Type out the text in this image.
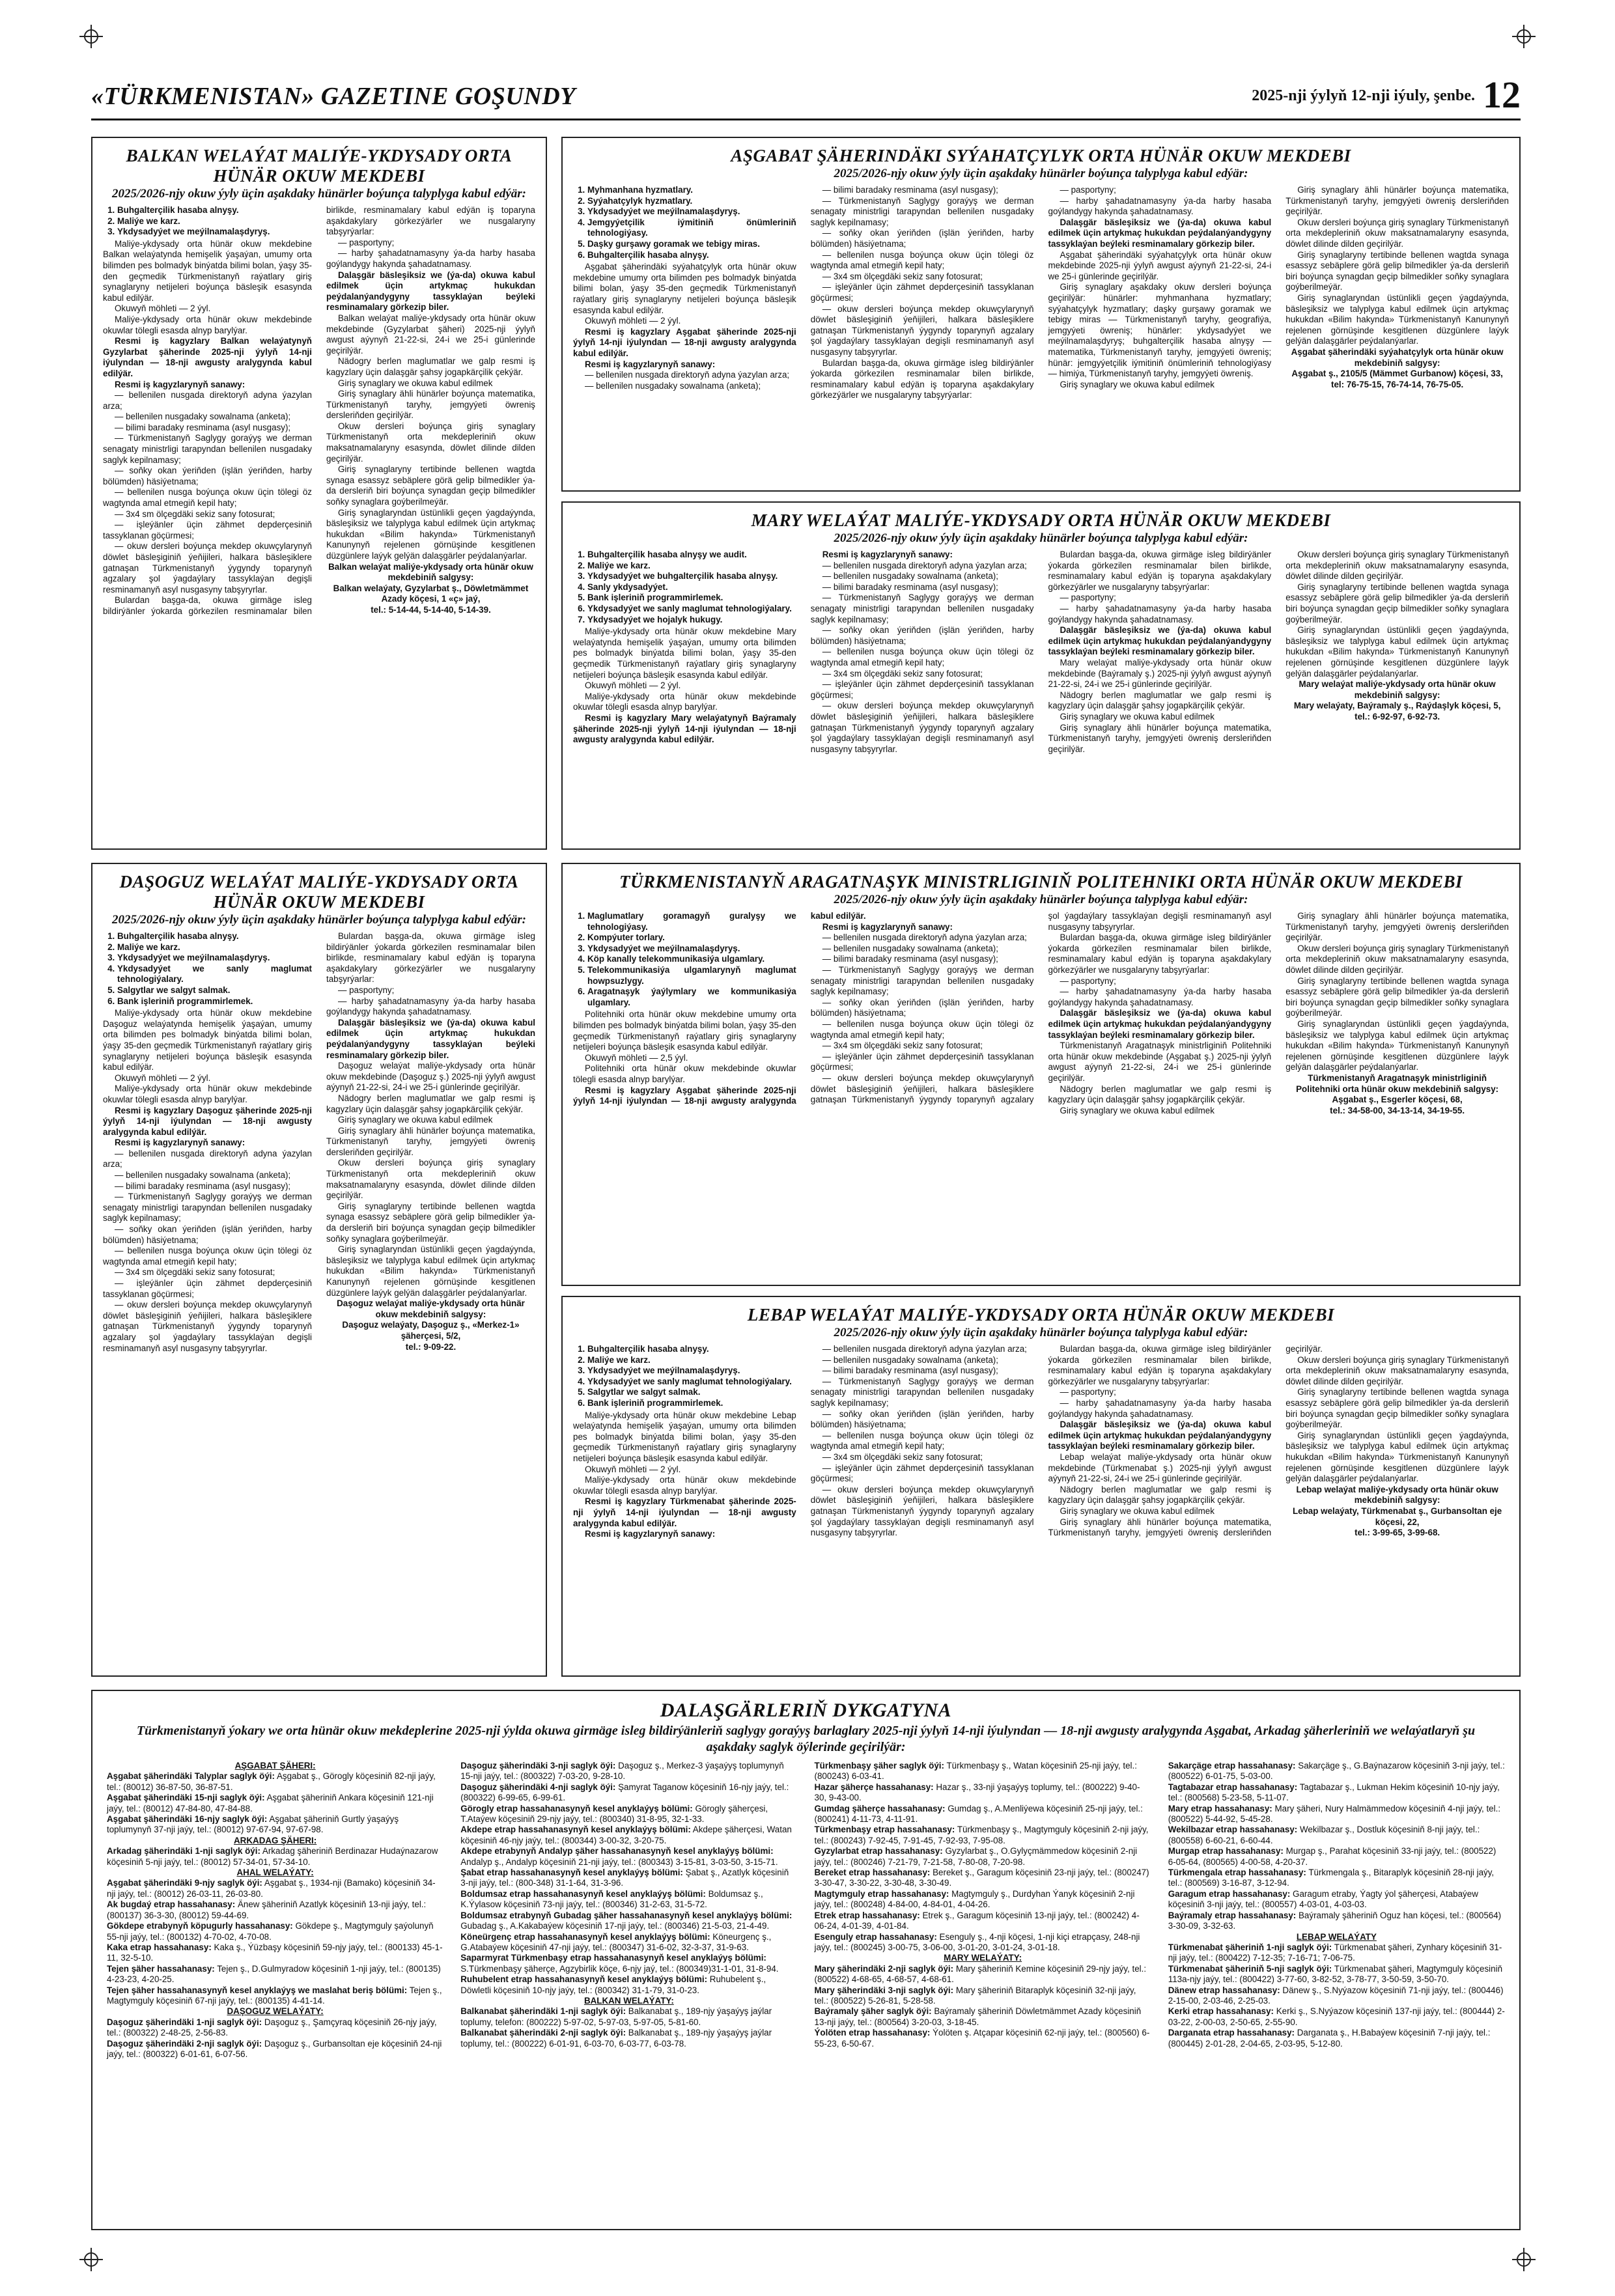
«TÜRKMENISTAN» GAZETINE GOŞUNDY	2025-nji ýylyň 12-nji iýuly, şenbe. 12
BALKAN WELAÝAT MALIÝE-YKDYSADY ORTA HÜNÄR OKUW MEKDEBI
2025/2026-njy okuw ýyly üçin aşakdaky hünärler boýunça talyplyga kabul edýär:
1. Buhgalterçilik hasaba alnyşy.
2. Maliýe we karz.
3. Ykdysadyýet we meýilnamalaşdyryş.

Maliýe-ykdysady orta hünär okuw mekdebine Balkan welaýatynda hemişelik ýaşaýan, umumy orta bilimden pes bolmadyk binýatda bilimi bolan, ýaşy 35-den geçmedik Türkmenistanyň raýatlary giriş synaglaryny netijeleri boýunça bäsleşik esasynda kabul edilýär.

Okuwyň möhleti — 2 ýyl.

Maliýe-ykdysady orta hünär okuw mekdebinde okuwlar tölegli esasda alnyp barylýar.

Resmi iş kagyzlary Balkan welaýatynyň Gyzylarbat şäherinde 2025-nji ýylyň 14-nji iýulyndan — 18-nji awgusty aralygynda kabul edilýär.

Resmi iş kagyzlarynyň sanawy:

— bellenilen nusgada direktoryň adyna ýazylan arza;

— bellenilen nusgadaky sowalnama (anketa);

— bilimi baradaky resminama (asyl nusgasy);

— Türkmenistanyň Saglygy goraýyş we derman senagaty ministrligi tarapyndan bellenilen nusgadaky saglyk kepilnamasy;

— soňky okan ýeriňden (işlän ýeriňden, harby bölümden) häsiýetnama;

— bellenilen nusga boýunça okuw üçin tölegi öz wagtynda amal etmegiň kepil haty;

— 3x4 sm ölçegdäki sekiz sany fotosurat;

— işleýänler üçin zähmet depderçesiniň tassyklanan göçürmesi;

— okuw dersleri boýunça mekdep okuwçylarynyň döwlet bäsleşiginiň ýeňijileri, halkara bäsleşiklere gatnaşan Türkmenistanyň ýygyndy toparynyň agzalary şol ýagdaýlary tassyklaýan degişli resminamanyň asyl nusgasyny tabşyryrlar.

Bulardan başga-da, okuwa girmäge isleg bildirýänler ýokarda görkezilen resminamalar bilen birlikde, resminamalary kabul edýän iş toparyna aşakdakylary görkezýärler we nusgalaryny tabşyrýarlar:

— pasportyny;

— harby şahadatnamasyny ýa-da harby hasaba goýlandygy hakynda şahadatnamasy.

Dalaşgär bäsleşiksiz we (ýa-da) okuwa kabul edilmek üçin artykmaç hukukdan peýdalanýandygyny tassyklaýan beýleki resminamalary görkezip biler.

Balkan welaýat maliýe-ykdysady orta hünär okuw mekdebinde (Gyzylarbat şäheri) 2025-nji ýylyň awgust aýynyň 21-22-si, 24-i we 25-i günlerinde geçirilýär.

Nädogry berlen maglumatlar we galp resmi iş kagyzlary üçin dalaşgär şahsy jogapkärçilik çekýär.

Giriş synaglary we okuwa kabul edilmek

Giriş synaglary ähli hünärler boýunça matematika, Türkmenistanyň taryhy, jemgyýeti öwreniş dersleriňden geçirilýär.

Okuw dersleri boýunça giriş synaglary Türkmenistanyň orta mekdepleriniň okuw maksatnamalaryny esasynda, döwlet dilinde dilden geçirilýär.

Giriş synaglaryny tertibinde bellenen wagtda synaga esassyz sebäplere görä gelip bilmedikler ýa-da dersleriň biri boýunça synagdan geçip bilmedikler soňky synaglara goýberilmeýär.

Giriş synaglaryndan üstünlikli geçen ýagdaýynda, bäsleşiksiz we talyplyga kabul edilmek üçin artykmaç hukukdan «Bilim hakynda» Türkmenistanyň Kanunynyň rejelenen görnüşinde kesgitlenen düzgünlere laýyk gelýän dalaşgärler peýdalanýarlar.

Balkan welaýat maliýe-ykdysady orta hünär okuw mekdebiniň salgysy:

Balkan welaýaty, Gyzylarbat ş., Döwletmämmet Azady köçesi, 1 «ç» jaý,

tel.: 5-14-44, 5-14-40, 5-14-39.

AŞGABAT ŞÄHERINDÄKI SYÝAHATÇYLYK ORTA HÜNÄR OKUW MEKDEBI
2025/2026-njy okuw ýyly üçin aşakdaky hünärler boýunça talyplyga kabul edýär:
1. Myhmanhana hyzmatlary.
2. Syýahatçylyk hyzmatlary.
3. Ykdysadyýet we meýilnamalaşdyryş.
4. Jemgyýetçilik iýmitiniň önümleriniň tehnologiýasy.
5. Daşky gurşawy goramak we tebigy miras.
6. Buhgalterçilik hasaba alnyşy.

Aşgabat şäherindäki syýahatçylyk orta hünär okuw mekdebine umumy orta bilimden pes bolmadyk binýatda bilimi bolan, ýaşy 35-den geçmedik Türkmenistanyň raýatlary giriş synaglaryny netijeleri boýunça bäsleşik esasynda kabul edilýär.

Okuwyň möhleti — 2 ýyl.

Resmi iş kagyzlary Aşgabat şäherinde 2025-nji ýylyň 14-nji iýulyndan — 18-nji awgusty aralygynda kabul edilýär.

Resmi iş kagyzlarynyň sanawy:

— bellenilen nusgada direktoryň adyna ýazylan arza;

— bellenilen nusgadaky sowalnama (anketa);

— bilimi baradaky resminama (asyl nusgasy);

— Türkmenistanyň Saglygy goraýyş we derman senagaty ministrligi tarapyndan bellenilen nusgadaky saglyk kepilnamasy;

— soňky okan ýeriňden (işlän ýeriňden, harby bölümden) häsiýetnama;

— bellenilen nusga boýunça okuw üçin tölegi öz wagtynda amal etmegiň kepil haty;

— 3x4 sm ölçegdäki sekiz sany fotosurat;

— işleýänler üçin zähmet depderçesiniň tassyklanan göçürmesi;

— okuw dersleri boýunça mekdep okuwçylarynyň döwlet bäsleşiginiň ýeňijileri, halkara bäsleşiklere gatnaşan Türkmenistanyň ýygyndy toparynyň agzalary şol ýagdaýlary tassyklaýan degişli resminamanyň asyl nusgasyny tabşyryrlar.

Bulardan başga-da, okuwa girmäge isleg bildirýänler ýokarda görkezilen resminamalar bilen birlikde, resminamalary kabul edýän iş toparyna aşakdakylary görkezýärler we nusgalaryny tabşyrýarlar:

— pasportyny;

— harby şahadatnamasyny ýa-da harby hasaba goýlandygy hakynda şahadatnamasy.

Dalaşgär bäsleşiksiz we (ýa-da) okuwa kabul edilmek üçin artykmaç hukukdan peýdalanýandygyny tassyklaýan beýleki resminamalary görkezip biler.

Aşgabat şäherindäki syýahatçylyk orta hünär okuw mekdebinde 2025-nji ýylyň awgust aýynyň 21-22-si, 24-i we 25-i günlerinde geçirilýär.

Giriş synaglary aşakdaky okuw dersleri boýunça geçirilýär: hünärler: myhmanhana hyzmatlary; syýahatçylyk hyzmatlary; daşky gurşawy goramak we tebigy miras — Türkmenistanyň taryhy, geografiýa, jemgyýeti öwreniş; hünärler: ykdysadyýet we meýilnamalaşdyryş; buhgalterçilik hasaba alnyşy — matematika, Türkmenistanyň taryhy, jemgyýeti öwreniş; hünär: jemgyýetçilik iýmitiniň önümleriniň tehnologiýasy — himiýa, Türkmenistanyň taryhy, jemgyýeti öwreniş.

Giriş synaglary we okuwa kabul edilmek

Giriş synaglary ähli hünärler boýunça matematika, Türkmenistanyň taryhy, jemgyýeti öwreniş dersleriňden geçirilýär.

Okuw dersleri boýunça giriş synaglary Türkmenistanyň orta mekdepleriniň okuw maksatnamalaryny esasynda, döwlet dilinde dilden geçirilýär.

Giriş synaglaryny tertibinde bellenen wagtda synaga esassyz sebäplere görä gelip bilmedikler ýa-da dersleriň biri boýunça synagdan geçip bilmedikler soňky synaglara goýberilmeýär.

Giriş synaglaryndan üstünlikli geçen ýagdaýynda, bäsleşiksiz we talyplyga kabul edilmek üçin artykmaç hukukdan «Bilim hakynda» Türkmenistanyň Kanunynyň rejelenen görnüşinde kesgitlenen düzgünlere laýyk gelýän dalaşgärler peýdalanýarlar.

Aşgabat şäherindäki syýahatçylyk orta hünär okuw mekdebiniň salgysy:

Aşgabat ş., 2105/5 (Mämmet Gurbanow) köçesi, 33,

tel: 76-75-15, 76-74-14, 76-75-05.

MARY WELAÝAT MALIÝE-YKDYSADY ORTA HÜNÄR OKUW MEKDEBI
2025/2026-njy okuw ýyly üçin aşakdaky hünärler boýunça talyplyga kabul edýär:
1. Buhgalterçilik hasaba alnyşy we audit.
2. Maliýe we karz.
3. Ykdysadyýet we buhgalterçilik hasaba alnyşy.
4. Sanly ykdysadyýet.
5. Bank işleriniň programmirlemek.
6. Ykdysadyýet we sanly maglumat tehnologiýalary.
7. Ykdysadyýet we hojalyk hukugy.

Maliýe-ykdysady orta hünär okuw mekdebine Mary welaýatynda hemişelik ýaşaýan, umumy orta bilimden pes bolmadyk binýatda bilimi bolan, ýaşy 35-den geçmedik Türkmenistanyň raýatlary giriş synaglaryny netijeleri boýunça bäsleşik esasynda kabul edilýär.

Okuwyň möhleti — 2 ýyl.

Maliýe-ykdysady orta hünär okuw mekdebinde okuwlar tölegli esasda alnyp barylýar.

Resmi iş kagyzlary Mary welaýatynyň Baýramaly şäherinde 2025-nji ýylyň 14-nji iýulyndan — 18-nji awgusty aralygynda kabul edilýär.

Resmi iş kagyzlarynyň sanawy:

— bellenilen nusgada direktoryň adyna ýazylan arza;

— bellenilen nusgadaky sowalnama (anketa);

— bilimi baradaky resminama (asyl nusgasy);

— Türkmenistanyň Saglygy goraýyş we derman senagaty ministrligi tarapyndan bellenilen nusgadaky saglyk kepilnamasy;

— soňky okan ýeriňden (işlän ýeriňden, harby bölümden) häsiýetnama;

— bellenilen nusga boýunça okuw üçin tölegi öz wagtynda amal etmegiň kepil haty;

— 3x4 sm ölçegdäki sekiz sany fotosurat;

— işleýänler üçin zähmet depderçesiniň tassyklanan göçürmesi;

— okuw dersleri boýunça mekdep okuwçylarynyň döwlet bäsleşiginiň ýeňijileri, halkara bäsleşiklere gatnaşan Türkmenistanyň ýygyndy toparynyň agzalary şol ýagdaýlary tassyklaýan degişli resminamanyň asyl nusgasyny tabşyryrlar.

Bulardan başga-da, okuwa girmäge isleg bildirýänler ýokarda görkezilen resminamalar bilen birlikde, resminamalary kabul edýän iş toparyna aşakdakylary görkezýärler we nusgalaryny tabşyrýarlar:

— pasportyny;

— harby şahadatnamasyny ýa-da harby hasaba goýlandygy hakynda şahadatnamasy.

Dalaşgär bäsleşiksiz we (ýa-da) okuwa kabul edilmek üçin artykmaç hukukdan peýdalanýandygyny tassyklaýan beýleki resminamalary görkezip biler.

Mary welaýat maliýe-ykdysady orta hünär okuw mekdebinde (Baýramaly ş.) 2025-nji ýylyň awgust aýynyň 21-22-si, 24-i we 25-i günlerinde geçirilýär.

Nädogry berlen maglumatlar we galp resmi iş kagyzlary üçin dalaşgär şahsy jogapkärçilik çekýär.

Giriş synaglary we okuwa kabul edilmek

Giriş synaglary ähli hünärler boýunça matematika, Türkmenistanyň taryhy, jemgyýeti öwreniş dersleriňden geçirilýär.

Okuw dersleri boýunça giriş synaglary Türkmenistanyň orta mekdepleriniň okuw maksatnamalaryny esasynda, döwlet dilinde dilden geçirilýär.

Giriş synaglaryny tertibinde bellenen wagtda synaga esassyz sebäplere görä gelip bilmedikler ýa-da dersleriň biri boýunça synagdan geçip bilmedikler soňky synaglara goýberilmeýär.

Giriş synaglaryndan üstünlikli geçen ýagdaýynda, bäsleşiksiz we talyplyga kabul edilmek üçin artykmaç hukukdan «Bilim hakynda» Türkmenistanyň Kanunynyň rejelenen görnüşinde kesgitlenen düzgünlere laýyk gelýän dalaşgärler peýdalanýarlar.

Mary welaýat maliýe-ykdysady orta hünär okuw mekdebiniň salgysy:

Mary welaýaty, Baýramaly ş., Raýdaşlyk köçesi, 5,

tel.: 6-92-97, 6-92-73.

DAŞOGUZ WELAÝAT MALIÝE-YKDYSADY ORTA HÜNÄR OKUW MEKDEBI
2025/2026-njy okuw ýyly üçin aşakdaky hünärler boýunça talyplyga kabul edýär:
1. Buhgalterçilik hasaba alnyşy.
2. Maliýe we karz.
3. Ykdysadyýet we meýilnamalaşdyryş.
4. Ykdysadyýet we sanly maglumat tehnologiýalary.
5. Salgytlar we salgyt salmak.
6. Bank işleriniň programmirlemek.

Maliýe-ykdysady orta hünär okuw mekdebine Daşoguz welaýatynda hemişelik ýaşaýan, umumy orta bilimden pes bolmadyk binýatda bilimi bolan, ýaşy 35-den geçmedik Türkmenistanyň raýatlary giriş synaglaryny netijeleri boýunça bäsleşik esasynda kabul edilýär.

Okuwyň möhleti — 2 ýyl.

Maliýe-ykdysady orta hünär okuw mekdebinde okuwlar tölegli esasda alnyp barylýar.

Resmi iş kagyzlary Daşoguz şäherinde 2025-nji ýylyň 14-nji iýulyndan — 18-nji awgusty aralygynda kabul edilýär.

Resmi iş kagyzlarynyň sanawy:

— bellenilen nusgada direktoryň adyna ýazylan arza;

— bellenilen nusgadaky sowalnama (anketa);

— bilimi baradaky resminama (asyl nusgasy);

— Türkmenistanyň Saglygy goraýyş we derman senagaty ministrligi tarapyndan bellenilen nusgadaky saglyk kepilnamasy;

— soňky okan ýeriňden (işlän ýeriňden, harby bölümden) häsiýetnama;

— bellenilen nusga boýunça okuw üçin tölegi öz wagtynda amal etmegiň kepil haty;

— 3x4 sm ölçegdäki sekiz sany fotosurat;

— işleýänler üçin zähmet depderçesiniň tassyklanan göçürmesi;

— okuw dersleri boýunça mekdep okuwçylarynyň döwlet bäsleşiginiň ýeňijileri, halkara bäsleşiklere gatnaşan Türkmenistanyň ýygyndy toparynyň agzalary şol ýagdaýlary tassyklaýan degişli resminamanyň asyl nusgasyny tabşyryrlar.

Bulardan başga-da, okuwa girmäge isleg bildirýänler ýokarda görkezilen resminamalar bilen birlikde, resminamalary kabul edýän iş toparyna aşakdakylary görkezýärler we nusgalaryny tabşyrýarlar:

— pasportyny;

— harby şahadatnamasyny ýa-da harby hasaba goýlandygy hakynda şahadatnamasy.

Dalaşgär bäsleşiksiz we (ýa-da) okuwa kabul edilmek üçin artykmaç hukukdan peýdalanýandygyny tassyklaýan beýleki resminamalary görkezip biler.

Daşoguz welaýat maliýe-ykdysady orta hünär okuw mekdebinde (Daşoguz ş.) 2025-nji ýylyň awgust aýynyň 21-22-si, 24-i we 25-i günlerinde geçirilýär.

Nädogry berlen maglumatlar we galp resmi iş kagyzlary üçin dalaşgär şahsy jogapkärçilik çekýär.

Giriş synaglary we okuwa kabul edilmek

Giriş synaglary ähli hünärler boýunça matematika, Türkmenistanyň taryhy, jemgyýeti öwreniş dersleriňden geçirilýär.

Okuw dersleri boýunça giriş synaglary Türkmenistanyň orta mekdepleriniň okuw maksatnamalaryny esasynda, döwlet dilinde dilden geçirilýär.

Giriş synaglaryny tertibinde bellenen wagtda synaga esassyz sebäplere görä gelip bilmedikler ýa-da dersleriň biri boýunça synagdan geçip bilmedikler soňky synaglara goýberilmeýär.

Giriş synaglaryndan üstünlikli geçen ýagdaýynda, bäsleşiksiz we talyplyga kabul edilmek üçin artykmaç hukukdan «Bilim hakynda» Türkmenistanyň Kanunynyň rejelenen görnüşinde kesgitlenen düzgünlere laýyk gelýän dalaşgärler peýdalanýarlar.

Daşoguz welaýat maliýe-ykdysady orta hünär okuw mekdebiniň salgysy:

Daşoguz welaýaty, Daşoguz ş., «Merkez-1» şäherçesi, 5/2,

tel.: 9-09-22.

TÜRKMENISTANYŇ ARAGATNAŞYK MINISTRLIGINIŇ POLITEHNIKI ORTA HÜNÄR OKUW MEKDEBI
2025/2026-njy okuw ýyly üçin aşakdaky hünärler boýunça talyplyga kabul edýär:
1. Maglumatlary goramagyň guralyşy we tehnologiýasy.
2. Kompýuter torlary.
3. Ykdysadyýet we meýilnamalaşdyryş.
4. Köp kanally telekommunikasiýa ulgamlary.
5. Telekommunikasiýa ulgamlarynyň maglumat howpsuzlygy.
6. Aragatnaşyk ýaýlymlary we kommunikasiýa ulgamlary.

Politehniki orta hünär okuw mekdebine umumy orta bilimden pes bolmadyk binýatda bilimi bolan, ýaşy 35-den geçmedik Türkmenistanyň raýatlary giriş synaglaryny netijeleri boýunça bäsleşik esasynda kabul edilýär.

Okuwyň möhleti — 2,5 ýyl.

Politehniki orta hünär okuw mekdebinde okuwlar tölegli esasda alnyp barylýar.

Resmi iş kagyzlary Aşgabat şäherinde 2025-nji ýylyň 14-nji iýulyndan — 18-nji awgusty aralygynda kabul edilýär.

Resmi iş kagyzlarynyň sanawy:

— bellenilen nusgada direktoryň adyna ýazylan arza;

— bellenilen nusgadaky sowalnama (anketa);

— bilimi baradaky resminama (asyl nusgasy);

— Türkmenistanyň Saglygy goraýyş we derman senagaty ministrligi tarapyndan bellenilen nusgadaky saglyk kepilnamasy;

— soňky okan ýeriňden (işlän ýeriňden, harby bölümden) häsiýetnama;

— bellenilen nusga boýunça okuw üçin tölegi öz wagtynda amal etmegiň kepil haty;

— 3x4 sm ölçegdäki sekiz sany fotosurat;

— işleýänler üçin zähmet depderçesiniň tassyklanan göçürmesi;

— okuw dersleri boýunça mekdep okuwçylarynyň döwlet bäsleşiginiň ýeňijileri, halkara bäsleşiklere gatnaşan Türkmenistanyň ýygyndy toparynyň agzalary şol ýagdaýlary tassyklaýan degişli resminamanyň asyl nusgasyny tabşyryrlar.

Bulardan başga-da, okuwa girmäge isleg bildirýänler ýokarda görkezilen resminamalar bilen birlikde, resminamalary kabul edýän iş toparyna aşakdakylary görkezýärler we nusgalaryny tabşyrýarlar:

— pasportyny;

— harby şahadatnamasyny ýa-da harby hasaba goýlandygy hakynda şahadatnamasy.

Dalaşgär bäsleşiksiz we (ýa-da) okuwa kabul edilmek üçin artykmaç hukukdan peýdalanýandygyny tassyklaýan beýleki resminamalary görkezip biler.

Türkmenistanyň Aragatnaşyk ministrliginiň Politehniki orta hünär okuw mekdebinde (Aşgabat ş.) 2025-nji ýylyň awgust aýynyň 21-22-si, 24-i we 25-i günlerinde geçirilýär.

Nädogry berlen maglumatlar we galp resmi iş kagyzlary üçin dalaşgär şahsy jogapkärçilik çekýär.

Giriş synaglary we okuwa kabul edilmek

Giriş synaglary ähli hünärler boýunça matematika, Türkmenistanyň taryhy, jemgyýeti öwreniş dersleriňden geçirilýär.

Okuw dersleri boýunça giriş synaglary Türkmenistanyň orta mekdepleriniň okuw maksatnamalaryny esasynda, döwlet dilinde dilden geçirilýär.

Giriş synaglaryny tertibinde bellenen wagtda synaga esassyz sebäplere görä gelip bilmedikler ýa-da dersleriň biri boýunça synagdan geçip bilmedikler soňky synaglara goýberilmeýär.

Giriş synaglaryndan üstünlikli geçen ýagdaýynda, bäsleşiksiz we talyplyga kabul edilmek üçin artykmaç hukukdan «Bilim hakynda» Türkmenistanyň Kanunynyň rejelenen görnüşinde kesgitlenen düzgünlere laýyk gelýän dalaşgärler peýdalanýarlar.

Türkmenistanyň Aragatnaşyk ministrliginiň Politehniki orta hünär okuw mekdebiniň salgysy:

Aşgabat ş., Esgerler köçesi, 68,

tel.: 34-58-00, 34-13-14, 34-19-55.

LEBAP WELAÝAT MALIÝE-YKDYSADY ORTA HÜNÄR OKUW MEKDEBI
2025/2026-njy okuw ýyly üçin aşakdaky hünärler boýunça talyplyga kabul edýär:
1. Buhgalterçilik hasaba alnyşy.
2. Maliýe we karz.
3. Ykdysadyýet we meýilnamalaşdyryş.
4. Ykdysadyýet we sanly maglumat tehnologiýalary.
5. Salgytlar we salgyt salmak.
6. Bank işleriniň programmirlemek.

Maliýe-ykdysady orta hünär okuw mekdebine Lebap welaýatynda hemişelik ýaşaýan, umumy orta bilimden pes bolmadyk binýatda bilimi bolan, ýaşy 35-den geçmedik Türkmenistanyň raýatlary giriş synaglaryny netijeleri boýunça bäsleşik esasynda kabul edilýär.

Okuwyň möhleti — 2 ýyl.

Maliýe-ykdysady orta hünär okuw mekdebinde okuwlar tölegli esasda alnyp barylýar.

Resmi iş kagyzlary Türkmenabat şäherinde 2025-nji ýylyň 14-nji iýulyndan — 18-nji awgusty aralygynda kabul edilýär.

Resmi iş kagyzlarynyň sanawy:

— bellenilen nusgada direktoryň adyna ýazylan arza;

— bellenilen nusgadaky sowalnama (anketa);

— bilimi baradaky resminama (asyl nusgasy);

— Türkmenistanyň Saglygy goraýyş we derman senagaty ministrligi tarapyndan bellenilen nusgadaky saglyk kepilnamasy;

— soňky okan ýeriňden (işlän ýeriňden, harby bölümden) häsiýetnama;

— bellenilen nusga boýunça okuw üçin tölegi öz wagtynda amal etmegiň kepil haty;

— 3x4 sm ölçegdäki sekiz sany fotosurat;

— işleýänler üçin zähmet depderçesiniň tassyklanan göçürmesi;

— okuw dersleri boýunça mekdep okuwçylarynyň döwlet bäsleşiginiň ýeňijileri, halkara bäsleşiklere gatnaşan Türkmenistanyň ýygyndy toparynyň agzalary şol ýagdaýlary tassyklaýan degişli resminamanyň asyl nusgasyny tabşyryrlar.

Bulardan başga-da, okuwa girmäge isleg bildirýänler ýokarda görkezilen resminamalar bilen birlikde, resminamalary kabul edýän iş toparyna aşakdakylary görkezýärler we nusgalaryny tabşyrýarlar:

— pasportyny;

— harby şahadatnamasyny ýa-da harby hasaba goýlandygy hakynda şahadatnamasy.

Dalaşgär bäsleşiksiz we (ýa-da) okuwa kabul edilmek üçin artykmaç hukukdan peýdalanýandygyny tassyklaýan beýleki resminamalary görkezip biler.

Lebap welaýat maliýe-ykdysady orta hünär okuw mekdebinde (Türkmenabat ş.) 2025-nji ýylyň awgust aýynyň 21-22-si, 24-i we 25-i günlerinde geçirilýär.

Nädogry berlen maglumatlar we galp resmi iş kagyzlary üçin dalaşgär şahsy jogapkärçilik çekýär.

Giriş synaglary we okuwa kabul edilmek

Giriş synaglary ähli hünärler boýunça matematika, Türkmenistanyň taryhy, jemgyýeti öwreniş dersleriňden geçirilýär.

Okuw dersleri boýunça giriş synaglary Türkmenistanyň orta mekdepleriniň okuw maksatnamalaryny esasynda, döwlet dilinde dilden geçirilýär.

Giriş synaglaryny tertibinde bellenen wagtda synaga esassyz sebäplere görä gelip bilmedikler ýa-da dersleriň biri boýunça synagdan geçip bilmedikler soňky synaglara goýberilmeýär.

Giriş synaglaryndan üstünlikli geçen ýagdaýynda, bäsleşiksiz we talyplyga kabul edilmek üçin artykmaç hukukdan «Bilim hakynda» Türkmenistanyň Kanunynyň rejelenen görnüşinde kesgitlenen düzgünlere laýyk gelýän dalaşgärler peýdalanýarlar.

Lebap welaýat maliýe-ykdysady orta hünär okuw mekdebiniň salgysy:

Lebap welaýaty, Türkmenabat ş., Gurbansoltan eje köçesi, 22,

tel.: 3-99-65, 3-99-68.

DALAŞGÄRLERIŇ DYKGATYNA
Türkmenistanyň ýokary we orta hünär okuw mekdeplerine 2025-nji ýylda okuwa girmäge isleg bildirýänleriň saglygy goraýyş barlaglary 2025-nji ýylyň 14-nji iýulyndan — 18-nji awgusty aralygynda Aşgabat, Arkadag şäherleriniň we welaýatlaryň şu aşakdaky saglyk öýlerinde geçirilýär:

AŞGABAT ŞÄHERI:

Aşgabat şäherindäki Talyplar saglyk öýi: Aşgabat ş., Görogly köçesiniň 82-nji jaýy, tel.: (80012) 36-87-50, 36-87-51.

Aşgabat şäherindäki 15-nji saglyk öýi: Aşgabat şäheriniň Ankara köçesiniň 121-nji jaýy, tel.: (80012) 47-84-80, 47-84-88.

Aşgabat şäherindäki 16-njy saglyk öýi: Aşgabat şäheriniň Gurtly ýaşaýyş toplumynyň 37-nji jaýy, tel.: (80012) 97-67-94, 97-67-98.

ARKADAG ŞÄHERI:

Arkadag şäherindäki 1-nji saglyk öýi: Arkadag şäheriniň Berdinazar Hudaýnazarow köçesiniň 5-nji jaýy, tel.: (80012) 57-34-01, 57-34-10.

AHAL WELAÝATY:

Aşgabat şäherindäki 9-njy saglyk öýi: Aşgabat ş., 1934-nji (Bamako) köçesiniň 34-nji jaýy, tel.: (80012) 26-03-11, 26-03-80.

Ak bugdaý etrap hassahanasy: Änew şäheriniň Azatlyk köçesiniň 13-nji jaýy, tel.: (800137) 36-3-30, (80012) 59-44-69.

Gökdepe etrabynyň köpugurly hassahanasy: Gökdepe ş., Magtymguly şaýolunyň 55-nji jaýy, tel.: (800132) 4-70-02, 4-70-08.

Kaka etrap hassahanasy: Kaka ş., Ýüzbaşy köçesiniň 59-njy jaýy, tel.: (800133) 45-1-11, 32-5-10.

Tejen şäher hassahanasy: Tejen ş., D.Gulmyradow köçesiniň 1-nji jaýy, tel.: (800135) 4-23-23, 4-20-25.

Tejen şäher hassahanasynyň kesel anyklaýyş we maslahat beriş bölümi: Tejen ş., Magtymguly köçesiniň 67-nji jaýy, tel.: (800135) 4-41-14.

DAŞOGUZ WELAÝATY:

Daşoguz şäherindäki 1-nji saglyk öýi: Daşoguz ş., Şamçyraq köçesiniň 26-njy jaýy, tel.: (800322) 2-48-25, 2-56-83.

Daşoguz şäherindäki 2-nji saglyk öýi: Daşoguz ş., Gurbansoltan eje köçesiniň 24-nji jaýy, tel.: (800322) 6-01-61, 6-07-56.

Daşoguz şäherindäki 3-nji saglyk öýi: Daşoguz ş., Merkez-3 ýaşaýyş toplumynyň 15-nji jaýy, tel.: (800322) 7-03-20, 9-28-10.

Daşoguz şäherindäki 4-nji saglyk öýi: Şamyrat Taganow köçesiniň 16-njy jaýy, tel.: (800322) 6-99-65, 6-99-61.

Görogly etrap hassahanasynyň kesel anyklaýyş bölümi: Görogly şäherçesi, T.Ataýew köçesiniň 29-njy jaýy, tel.: (800340) 31-8-95, 32-1-33.

Akdepe etrap hassahanasynyň kesel anyklaýyş bölümi: Akdepe şäherçesi, Watan köçesiniň 46-njy jaýy, tel.: (800344) 3-00-32, 3-20-75.

Akdepe etrabynyň Andalyp şäher hassahanasynyň kesel anyklaýyş bölümi: Andalyp ş., Andalyp köçesiniň 21-nji jaýy, tel.: (800343) 3-15-81, 3-03-50, 3-15-71.

Şabat etrap hassahanasynyň kesel anyklaýyş bölümi: Şabat ş., Azatlyk köçesiniň 3-nji jaýy, tel.: (800-348) 31-1-64, 31-3-96.

Boldumsaz etrap hassahanasynyň kesel anyklaýyş bölümi: Boldumsaz ş., K.Ýylasow köçesiniň 73-nji jaýy, tel.: (800346) 31-2-63, 31-5-72.

Boldumsaz etrabynyň Gubadag şäher hassahanasynyň kesel anyklaýyş bölümi: Gubadag ş., A.Kakabaýew köçesiniň 17-nji jaýy, tel.: (800346) 21-5-03, 21-4-49.

Köneürgenç etrap hassahanasynyň kesel anyklaýyş bölümi: Köneurgenç ş., G.Atabaýew köçesiniň 47-nji jaýy, tel.: (800347) 31-6-02, 32-3-37, 31-9-63.

Saparmyrat Türkmenbaşy etrap hassahanasynyň kesel anyklaýyş bölümi: S.Türkmenbaşy şäherçe, Agzybirlik köçe, 6-njy jaý, tel.: (800349)31-1-01, 31-8-94.

Ruhubelent etrap hassahanasynyň kesel anyklaýyş bölümi: Ruhubelent ş., Döwletli köçesiniň 10-njy jaýy, tel.: (800342) 31-1-79, 31-0-23.

BALKAN WELAÝATY:

Balkanabat şäherindäki 1-nji saglyk öýi: Balkanabat ş., 189-njy ýaşaýyş jaýlar toplumy, telefon: (800222) 5-97-02, 5-97-03, 5-97-05, 5-81-60.

Balkanabat şäherindäki 2-nji saglyk öýi: Balkanabat ş., 189-njy ýaşaýyş jaýlar toplumy, tel.: (800222) 6-01-91, 6-03-70, 6-03-77, 6-03-78.

Türkmenbaşy şäher saglyk öýi: Türkmenbaşy ş., Watan köçesiniň 25-nji jaýy, tel.: (800243) 6-03-41.

Hazar şäherçe hassahanasy: Hazar ş., 33-nji ýaşaýyş toplumy, tel.: (800222) 9-40-30, 9-43-00.

Gumdag şäherçe hassahanasy: Gumdag ş., A.Menliýewa köçesiniň 25-nji jaýy, tel.: (800241) 4-11-73, 4-11-91.

Türkmenbaşy etrap hassahanasy: Türkmenbaşy ş., Magtymguly köçesiniň 2-nji jaýy, tel.: (800243) 7-92-45, 7-91-45, 7-92-93, 7-95-08.

Gyzylarbat etrap hassahanasy: Gyzylarbat ş., O.Gylyçmämmedow köçesiniň 2-nji jaýy, tel.: (800246) 7-21-79, 7-21-58, 7-80-08, 7-20-98.

Bereket etrap hassahanasy: Bereket ş., Garagum köçesiniň 23-nji jaýy, tel.: (800247) 3-30-47, 3-30-22, 3-30-48, 3-30-49.

Magtymguly etrap hassahanasy: Magtymguly ş., Durdyhan Ýanyk köçesiniň 2-nji jaýy, tel.: (800248) 4-84-00, 4-84-01, 4-04-26.

Etrek etrap hassahanasy: Etrek ş., Garagum köçesiniň 13-nji jaýy, tel.: (800242) 4-06-24, 4-01-39, 4-01-84.

Esenguly etrap hassahanasy: Esenguly ş., 4-nji köçesi, 1-nji kiçi etrapçasy, 248-nji jaýy, tel.: (800245) 3-00-75, 3-06-00, 3-01-20, 3-01-24, 3-01-18.

MARY WELAÝATY:

Mary şäherindäki 2-nji saglyk öýi: Mary şäheriniň Kemine köçesiniň 29-njy jaýy, tel.: (800522) 4-68-65, 4-68-57, 4-68-61.

Mary şäherindäki 3-nji saglyk öýi: Mary şäheriniň Bitaraplyk köçesiniň 32-nji jaýy, tel.: (800522) 5-26-81, 5-28-58.

Baýramaly şäher saglyk öýi: Baýramaly şäheriniň Döwletmämmet Azady köçesiniň 13-nji jaýy, tel.: (800564) 3-20-03, 3-18-45.

Ýolöten etrap hassahanasy: Ýolöten ş. Atçapar köçesiniň 62-nji jaýy, tel.: (800560) 6-55-23, 6-50-67.

Sakarçäge etrap hassahanasy: Sakarçäge ş., G.Baýnazarow köçesiniň 3-nji jaýy, tel.: (800522) 6-01-75, 5-03-00.

Tagtabazar etrap hassahanasy: Tagtabazar ş., Lukman Hekim köçesiniň 10-njy jaýy, tel.: (800568) 5-23-58, 5-11-07.

Mary etrap hassahanasy: Mary şäheri, Nury Halmämmedow köçesiniň 4-nji jaýy, tel.: (800522) 5-44-92, 5-45-28.

Wekilbazar etrap hassahanasy: Wekilbazar ş., Dostluk köçesiniň 8-nji jaýy, tel.: (800558) 6-60-21, 6-60-44.

Murgap etrap hassahanasy: Murgap ş., Parahat köçesiniň 33-nji jaýy, tel.: (800522) 6-05-64, (800565) 4-00-58, 4-20-37.

Türkmengala etrap hassahanasy: Türkmengala ş., Bitaraplyk köçesiniň 28-nji jaýy, tel.: (800569) 3-16-87, 3-12-94.

Garagum etrap hassahanasy: Garagum etraby, Ýagty ýol şäherçesi, Atabaýew köçesiniň 3-nji jaýy, tel.: (800557) 4-03-01, 4-03-03.

Baýramaly etrap hassahanasy: Baýramaly şäheriniň Oguz han köçesi, tel.: (800564) 3-30-09, 3-32-63.

LEBAP WELAÝATY

Türkmenabat şäheriniň 1-nji saglyk öýi: Türkmenabat şäheri, Zynhary köçesiniň 31-nji jaýy, tel.: (800422) 7-12-35; 7-16-71; 7-06-75.

Türkmenabat şäheriniň 5-nji saglyk öýi: Türkmenabat şäheri, Magtymguly köçesiniň 113a-njy jaýy, tel.: (800422) 3-77-60, 3-82-52, 3-78-77, 3-50-59, 3-50-70.

Dänew etrap hassahanasy: Dänew ş., S.Nyýazow köçesiniň 71-nji jaýy, tel.: (800446) 2-15-00, 2-03-46, 2-25-03.

Kerki etrap hassahanasy: Kerki ş., S.Nyýazow köçesiniň 137-nji jaýy, tel.: (800444) 2-03-22, 2-00-03, 2-50-65, 2-55-90.

Darganata etrap hassahanasy: Darganata ş., H.Babaýew köçesiniň 7-nji jaýy, tel.: (800445) 2-01-28, 2-04-65, 2-03-95, 5-12-80.
